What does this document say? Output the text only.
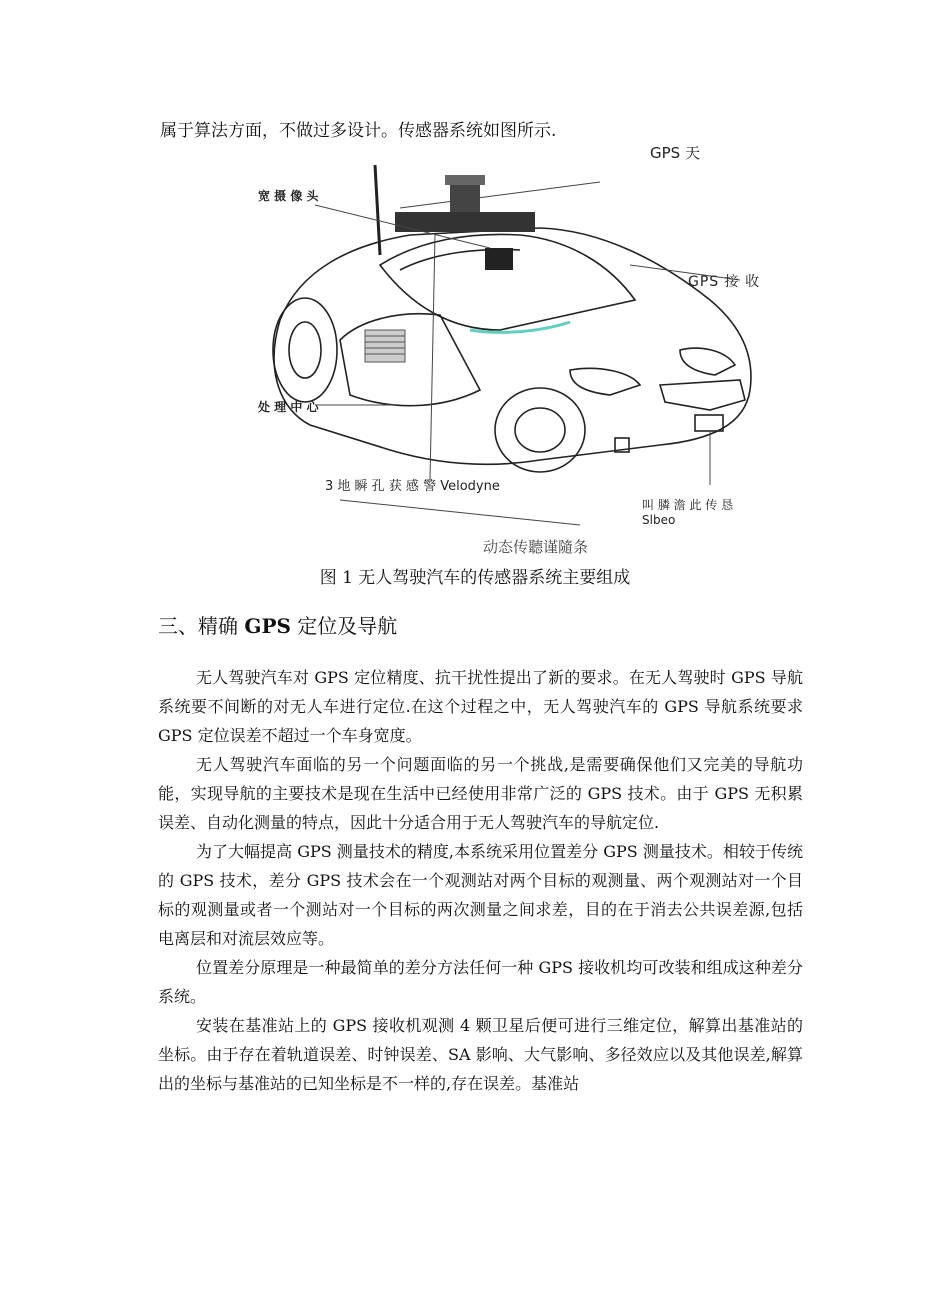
属于算法方面，不做过多设计。传感器系统如图所示.
GPS 天
宽 摄 像 头
GPS 接 收
处 理 中 心
3 地 瞬 孔 获 感 警 Velodyne
叫 膦 澹 此 传 恳 Slbeo
动态传聽谨隨条
图 1 无人驾驶汽车的传感器系统主要组成
三、精确 GPS 定位及导航

无人驾驶汽车对 GPS 定位精度、抗干扰性提出了新的要求。在无人驾驶时 GPS 导航系统要不间断的对无人车进行定位.在这个过程之中，无人驾驶汽车的 GPS 导航系统要求 GPS 定位误差不超过一个车身宽度。

无人驾驶汽车面临的另一个问题面临的另一个挑战,是需要确保他们又完美的导航功能，实现导航的主要技术是现在生活中已经使用非常广泛的 GPS 技术。由于 GPS 无积累误差、自动化测量的特点，因此十分适合用于无人驾驶汽车的导航定位.

为了大幅提高 GPS 测量技术的精度,本系统采用位置差分 GPS 测量技术。相较于传统的 GPS 技术，差分 GPS 技术会在一个观测站对两个目标的观测量、两个观测站对一个目标的观测量或者一个测站对一个目标的两次测量之间求差，目的在于消去公共误差源,包括电离层和对流层效应等。

位置差分原理是一种最简单的差分方法任何一种 GPS 接收机均可改装和组成这种差分系统。

安装在基准站上的 GPS 接收机观测 4 颗卫星后便可进行三维定位，解算出基准站的坐标。由于存在着轨道误差、时钟误差、SA 影响、大气影响、多径效应以及其他误差,解算出的坐标与基准站的已知坐标是不一样的,存在误差。基准站
